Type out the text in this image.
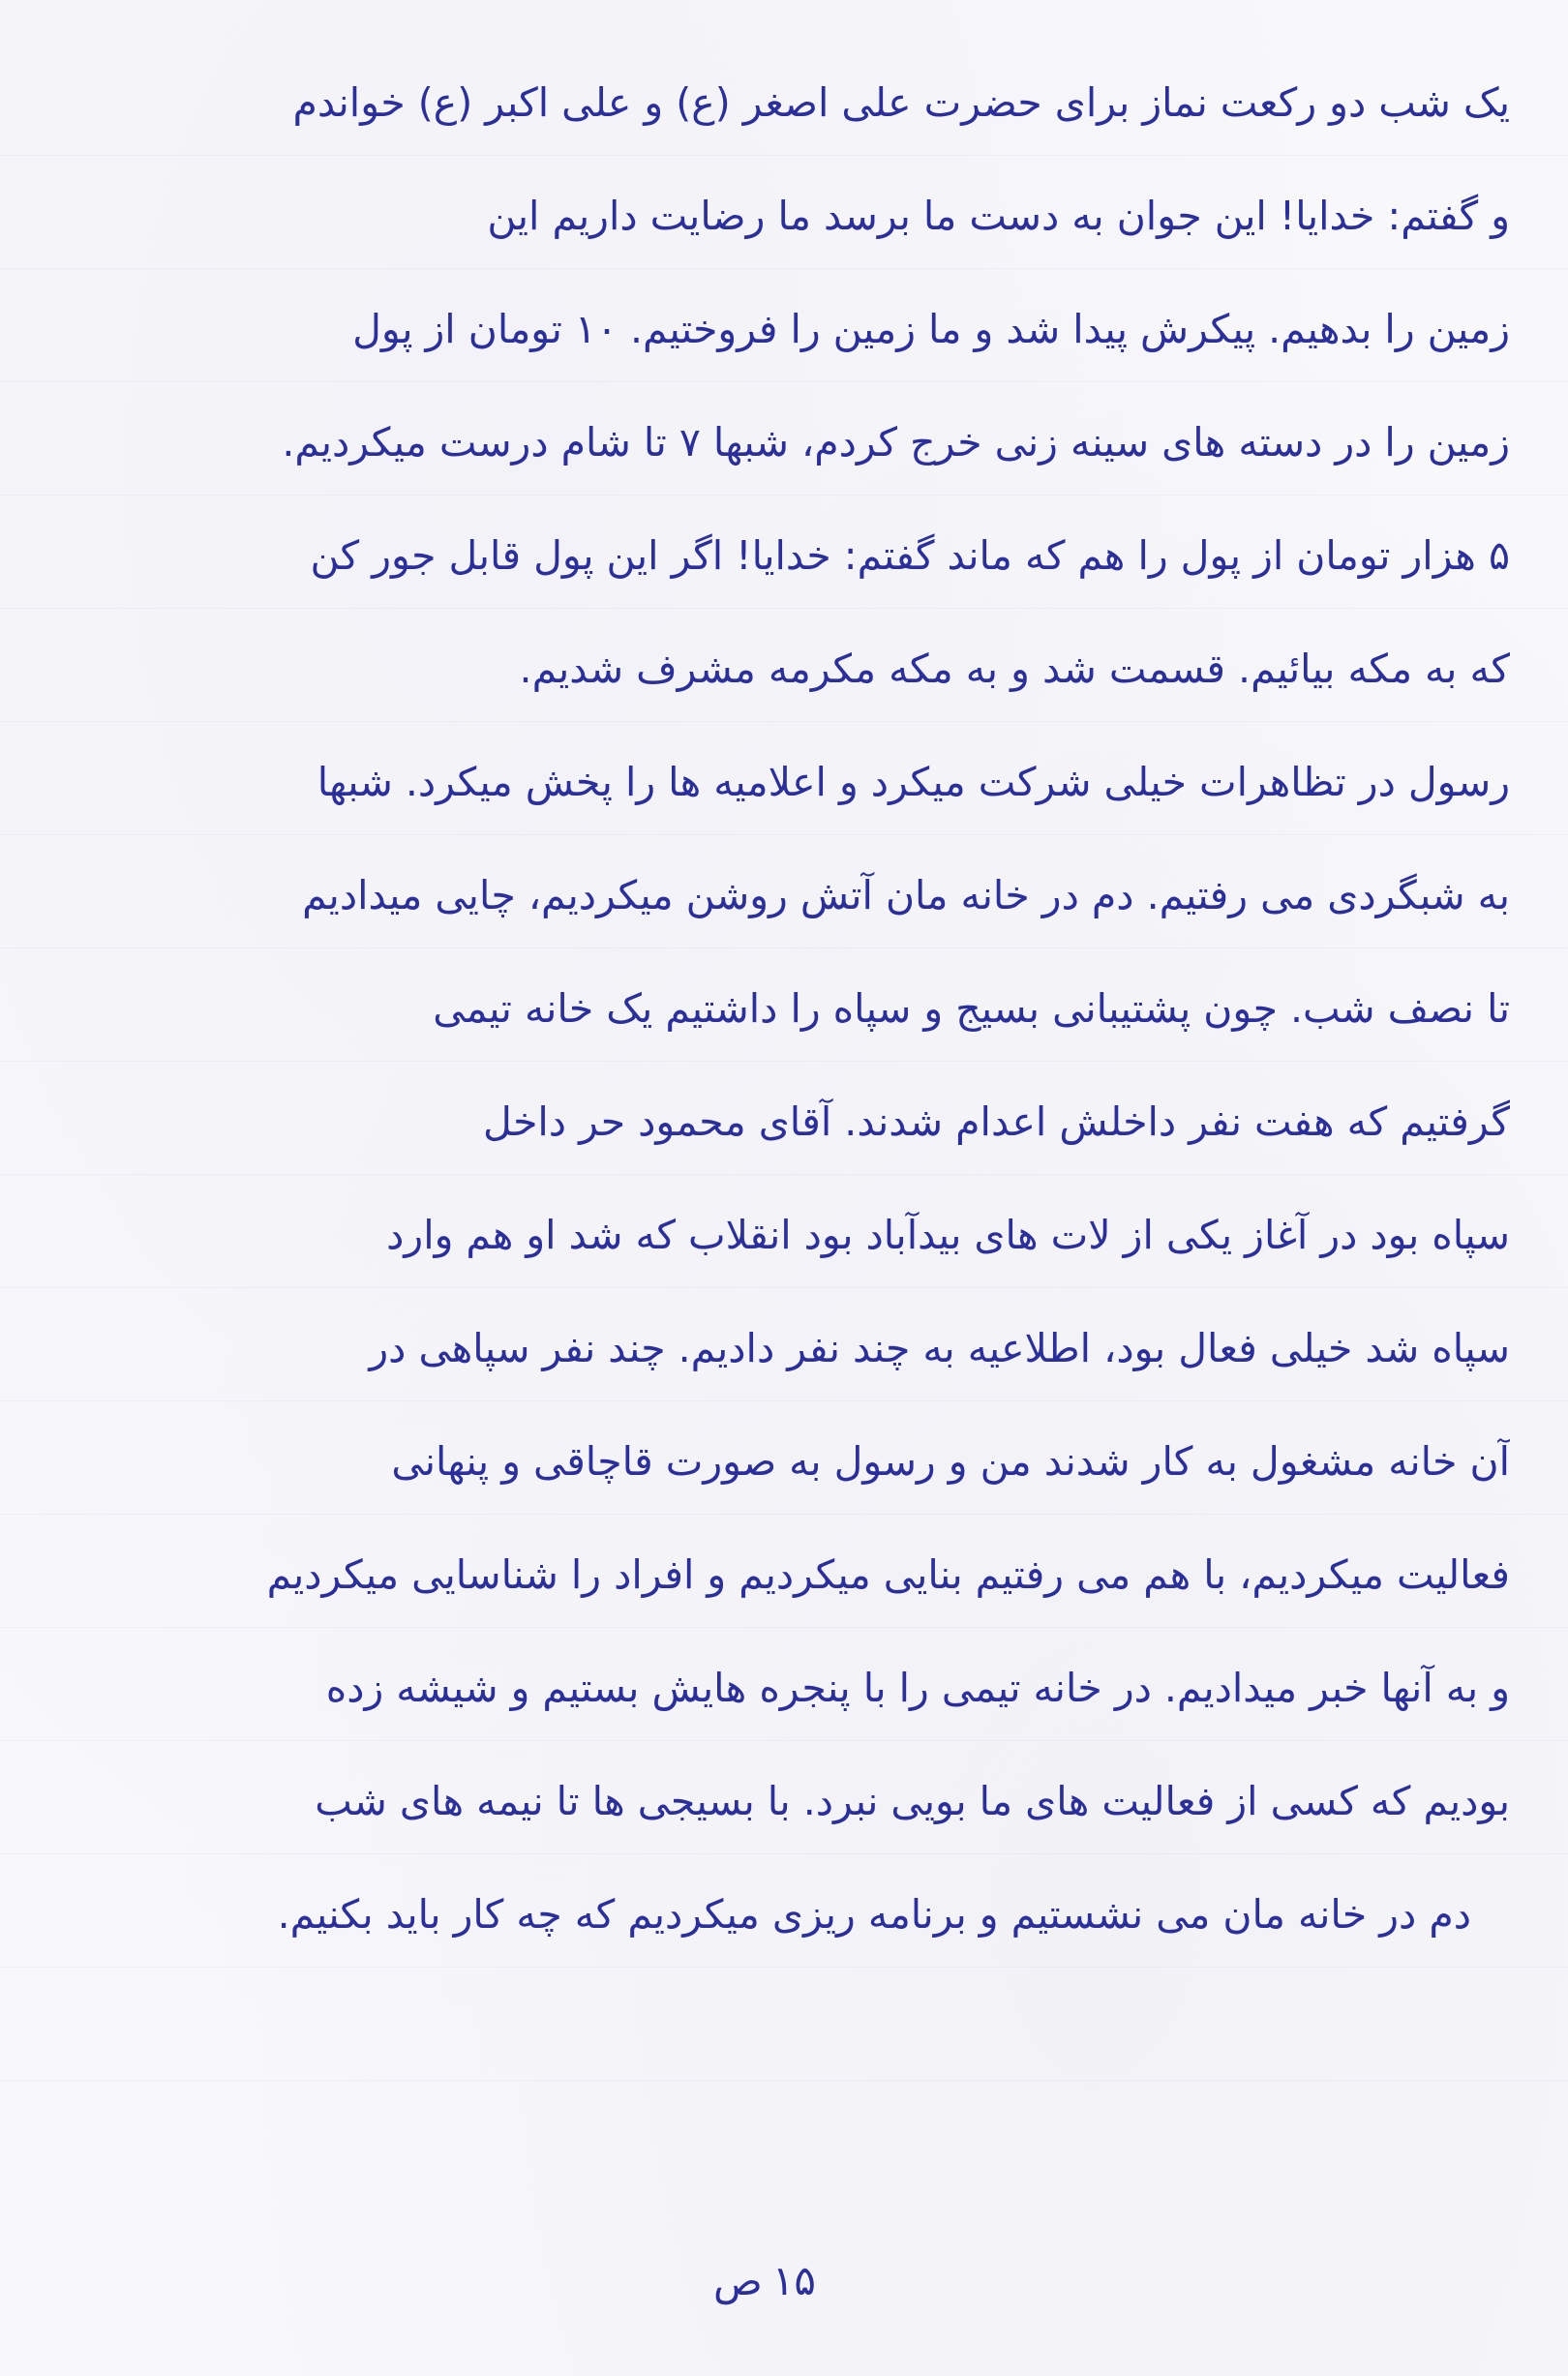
یک شب دو رکعت نماز برای حضرت علی اصغر (ع) و علی اکبر (ع) خواندم
و گفتم: خدایا! این جوان به دست ما برسد ما رضایت داریم این
زمین را بدهیم. پیکرش پیدا شد و ما زمین را فروختیم. ۱۰ تومان از پول
زمین را در دسته های سینه زنی خرج کردم، شبها ۷ تا شام درست میکردیم.
۵ هزار تومان از پول را هم که ماند گفتم: خدایا! اگر این پول قابل جور کن
که به مکه بیائیم. قسمت شد و به مکه مکرمه مشرف شدیم.
رسول در تظاهرات خیلی شرکت میکرد و اعلامیه ها را پخش میکرد. شبها
به شبگردی می رفتیم. دم در خانه مان آتش روشن میکردیم، چایی میدادیم
تا نصف شب. چون پشتیبانی بسیج و سپاه را داشتیم یک خانه تیمی
گرفتیم که هفت نفر داخلش اعدام شدند. آقای محمود حر داخل
سپاه بود در آغاز یکی از لات های بیدآباد بود انقلاب که شد او هم وارد
سپاه شد خیلی فعال بود، اطلاعیه به چند نفر دادیم. چند نفر سپاهی در
آن خانه مشغول به کار شدند من و رسول به صورت قاچاقی و پنهانی
فعالیت میکردیم، با هم می رفتیم بنایی میکردیم و افراد را شناسایی میکردیم
و به آنها خبر میدادیم. در خانه تیمی را با پنجره هایش بستیم و شیشه زده
بودیم که کسی از فعالیت های ما بویی نبرد. با بسیجی ها تا نیمه های شب
دم در خانه مان می نشستیم و برنامه ریزی میکردیم که چه کار باید بکنیم.
۱۵ص
